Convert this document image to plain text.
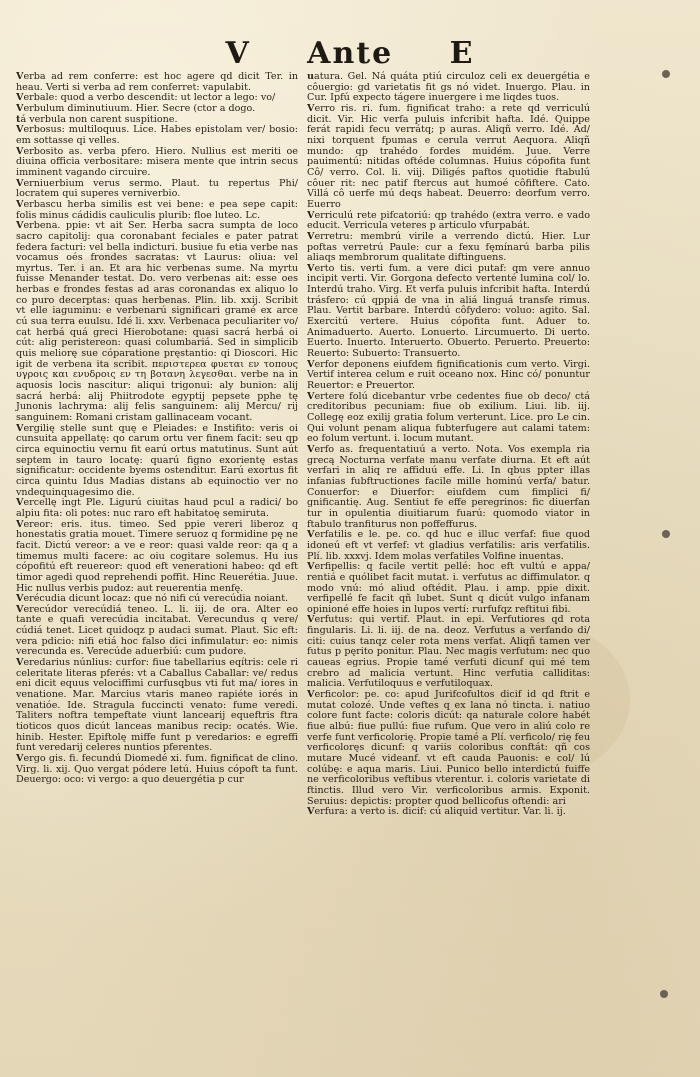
V Ante E

Verba ad rem conferre: est hoc agere qd dicit Ter. in heau. Verti si verba ad rem conferret: vapulabit.

Verbale: quod a verbo descendit: ut lector a lego: vo/

Verbulum diminutiuum. Hier. Secre (ctor a dogo.

tá verbula non carent suspitione.

Verbosus: multiloquus. Lice. Habes epistolam ver/ bosio: em sottasse qi velles.

Verbosito as. verba pfero. Hiero. Nullius est meriti oe diuina officia verbositare: misera mente que intrin secus imminent vagando circuire.

Verniuerbium verus sermo. Plaut. tu repertus Phi/ locratem qui superes verniverbio.

Verbascu herba similis est vei bene: e pea sepe capit: folis minus cádidis cauliculis plurib: floe luteo. Lc.

Verbena. ppie: vt ait Ser. Herba sacra sumpta de loco sacro capitolij: qua coronabant feciales e pater patrat federa facturi: vel bella indicturi. busiue fu etia verbe nas vocamus oés frondes sacratas: vt Laurus: oliua: vel myrtus. Ter. i an. Et ara hic verbenas sume. Na myrtu fuisse Menander testat. Do. vero verbenas ait: esse oes herbas e frondes festas ad aras coronandas ex aliquo lo co puro decerptas: quas herbenas. Plin. lib. xxij. Scribit vt elle iaguminu: e verbenarú significari gramé ex arce cú sua terra euulsu. Idé li. xxv. Verbenaca peculiariter vo/ cat herbá quá greci Hierobotane: quasi sacrá herbá oi cút: alig peristereon: quasi columbariá. Sed in simplicib quis meliorę sue cóparatione pręstantio: qi Dioscori. Hic igit de verbena ita scribit. περιστερεα φυεται εν τοπους υγροις και ενυδροις εν τη βοτανη λεγεσθαι. verbe na in aquosis locis nascitur: aliqui trigonui: aly bunion: alij sacrá herbá: alij Phiitrodote egyptij pepsete pphe tę Junonis lachryma: alij felis sanguinem: alij Mercu/ rij sanguinem: Romani cristam gallinaceam vocant.

Vergilię stelle sunt quę e Pleiades: e Instifito: veris oi cunsuita appellatę: qo carum ortu ver finem facit: seu qp circa equinoctiu vernu fit earú ortus matutinus. Sunt aút septem in tauro locatę: quarú figno exorientę estas significatur: occidente byems ostenditur. Earú exortus fit circa quintu Idus Madias distans ab equinoctio ver no vndequinquagesimo die.

Vercellę ingt Ple. Ligurú ciuitas haud pcul a radici/ bo alpiu fita: oli potes: nuc raro eft habitatoę semiruta.

Vereor: eris. itus. timeo. Sed ppie vereri liberoz q honestatis gratia mouet. Timere seruoz q formidine pę ne facit. Dictú vereor: a ve e reor: quasi valde reor: qa q a timemus multi facere: ac oiu cogitare solemus. Hu ius cópofitú eft reuereor: quod eft venerationi habeo: qd eft timor agedi quod reprehendi poffit. Hinc Reuerétia. Juue. Hic nullus verbis pudoz: aut reuerentia menfę.

Verécudia dicunt locaz: que nó nifi cú verecúdia noiant.

Verecúdor verecúdiá teneo. L. li. iij. de ora. Alter eo tante e quafi verecúdia incitabat. Verecundus q vere/ cúdiá tenet. Licet quidoqz p audaci sumat. Plaut. Sic eft: vera pdicio: nifi etiá hoc falso dici infimulatur: eo: nimis verecunda es. Verecúde aduerbiú: cum pudore.

Veredarius núnlius: curfor: fiue tabellarius eqítris: cele ri celeritate literas pferés: vt a Caballus Caballar: ve/ redus eni dicit equus velociffimi curfusqbus vti fut ma/ iores in venatione. Mar. Marcius vtaris maneo rapiéte iorés in venatióe. Ide. Stragula fuccincti venato: fume veredi. Taliters noftra tempeftate viunt lancearij equeftris ftra tioticos quos dicút lanceas manibus recip: ocatés. Wie. hinib. Hester. Epiftolę miffe funt p veredarios: e egreffi funt veredarij celeres nuntios pferentes.

Vergo gis. fi. fecundú Diomedé xi. fum. fignificat de clino. Virg. li. xij. Quo vergat pódere letú. Huius cópoft ta funt. Deuergo: oco: vi vergo: a quo deuergétia p cur

uatura. Gel. Ná quáta ptiú circuloz celi ex deuergétia e côuergio: gd varietatis fit gs nó videt. Inuergo. Plau. in Cur. Ipfú expecto tágere inuergere i me liqdes tuos.

Verro ris. ri. fum. fignificat traho: a rete qd verriculú dicit. Vir. Hic verfa puluis infcribit hafta. Idé. Quippe ferát rapidi fecu verrátq; p auras. Aliqñ verro. Idé. Ad/ nixi torquent fpumas e cerula verrut Aequora. Aliqñ mundo: qp trahédo fordes muidém. Juue. Verre pauimentú: nitidas oftéde columnas. Huius cópofita funt Cô/ verro. Col. li. viij. Diligés paftos quotidie ftabulú côuer rit: nec patif ftercus aut humoé côfiftere. Cato. Villá cô uerfe mú deqs habeat. Deuerro: deorfum verro. Euerro

Verriculú rete pifcatoriú: qp trahédo (extra verro. e vado educit. Verricula veteres p articulo vfurpabát.

Verretru: membrú virile a verrendo dictú. Hier. Lur poftas verretrú Paule: cur a fexu fęmínarú barba pilis aliaqs membrorum qualitate diftinguens.

Verto tis. verti fum. a vere dici putaf: qm vere annuo incipit verti. Vir. Gorgona defecto vertenté lumina col/ lo. Interdú traho. Virg. Et verfa puluis infcribit hafta. Interdú trásfero: cú qppiá de vna in aliá linguá transfe rimus. Plau. Vertit barbare. Interdú côfydero: voluo: agito. Sal. Exercitú vertere. Huius cópofita funt. Aduer to. Animaduerto. Auerto. Lonuerto. Lircumuerto. Di uerto. Euerto. Inuerto. Interuerto. Obuerto. Peruerto. Preuerto: Reuerto: Subuerto: Transuerto.

Verfor deponens eiufdem fignificationis cum verto. Virgi. Vertif interea celum e ruit oceano nox. Hinc có/ ponuntur Reuertor: e Preuertor.

Vertere folú dicebantur vrbe cedentes fiue ob deco/ ctá creditoribus pecuniam: fiue ob exilium. Liui. lib. iij. Collegę eoz exilij gratia folum verterunt. Lice. pro Le cin. Qui volunt penam aliqua fubterfugere aut calami tatem: eo folum vertunt. i. locum mutant.

Verfo as. frequentatiuú a verto. Nota. Vos exempla ria grecą Nocturna verfate manu verfate diurna. Et eft aút verfari in aliq re affiduú effe. Li. In qbus ppter illas infanias fubftructiones facile mille hominú verfa/ batur. Conuerfor: e Diuerfor: eiufdem cum fimplici fi/ gnificantię. Aug. Sentiut fe effe peregrinos: fic diuerfan tur in opulentia diuitiarum fuarú: quomodo viator in ftabulo tranfiturus non poffeffurus.

Verfatilis e le. pe. co. qd huc e illuc verfaf: fiue quod idoneú eft vt verfef: vt gladius verfatilis: aris verfatilis. Plí. lib. xxxvj. Idem molas verfatiles Volfine inuentas.

Verfipellis: q facile vertit pellé: hoc eft vultú e appa/ rentiá e quólibet facit mutat. i. verfutus ac diffimulator. q modo vnú: mó aliud oftédit. Plau. i amp. ppie dixit. verfipellé fe facit qñ lubet. Sunt q dicút vulgo infanam opinioné effe hoies in lupos vertí: rurfufqz reftitui fibi.

Verfutus: qui vertif. Plaut. in epi. Verfutiores qd rota fingularis. Li. li. iij. de na. deoz. Verfutus a verfando di/ citi: cuius tanqz celer rota mens verfat. Aliqñ tamen ver futus p pęrito ponitur. Plau. Nec magis verfutum: nec quo caueas egrius. Propie tamé verfuti dicunf qui mé tem crebro ad malicia vertunt. Hinc verfutia calliditas: malicia. Verfutiloquus e verfutiloquax.

Verficolor: pe. co: apud Jurifcofultos dicif id qd ftrit e mutat colozé. Unde veftes q ex lana nó tincta. i. natiuo colore funt facte: coloris dicút: qa naturale colore habét fiue albú: fiue pullú: fiue rufum. Que vero in aliú colo re verfe funt verficolorię. Propie tamé a Plí. verficolo/ rię feu verficoloręs dicunf: q variis coloribus conftát: qñ cos mutare Mucé videanf. vt eft cauda Pauonis: e col/ lú colúbę: e aqua maris. Liui. Punico bello interdictú fuiffe ne verficoloribus veftibus vterentur. i. coloris varietate di ftinctis. Illud vero Vir. verficoloribus armis. Exponit. Seruius: depictis: propter quod bellicofus oftendi: ari

Verfura: a verto is. dicif: cú aliquid vertitur. Var. li. ij.
